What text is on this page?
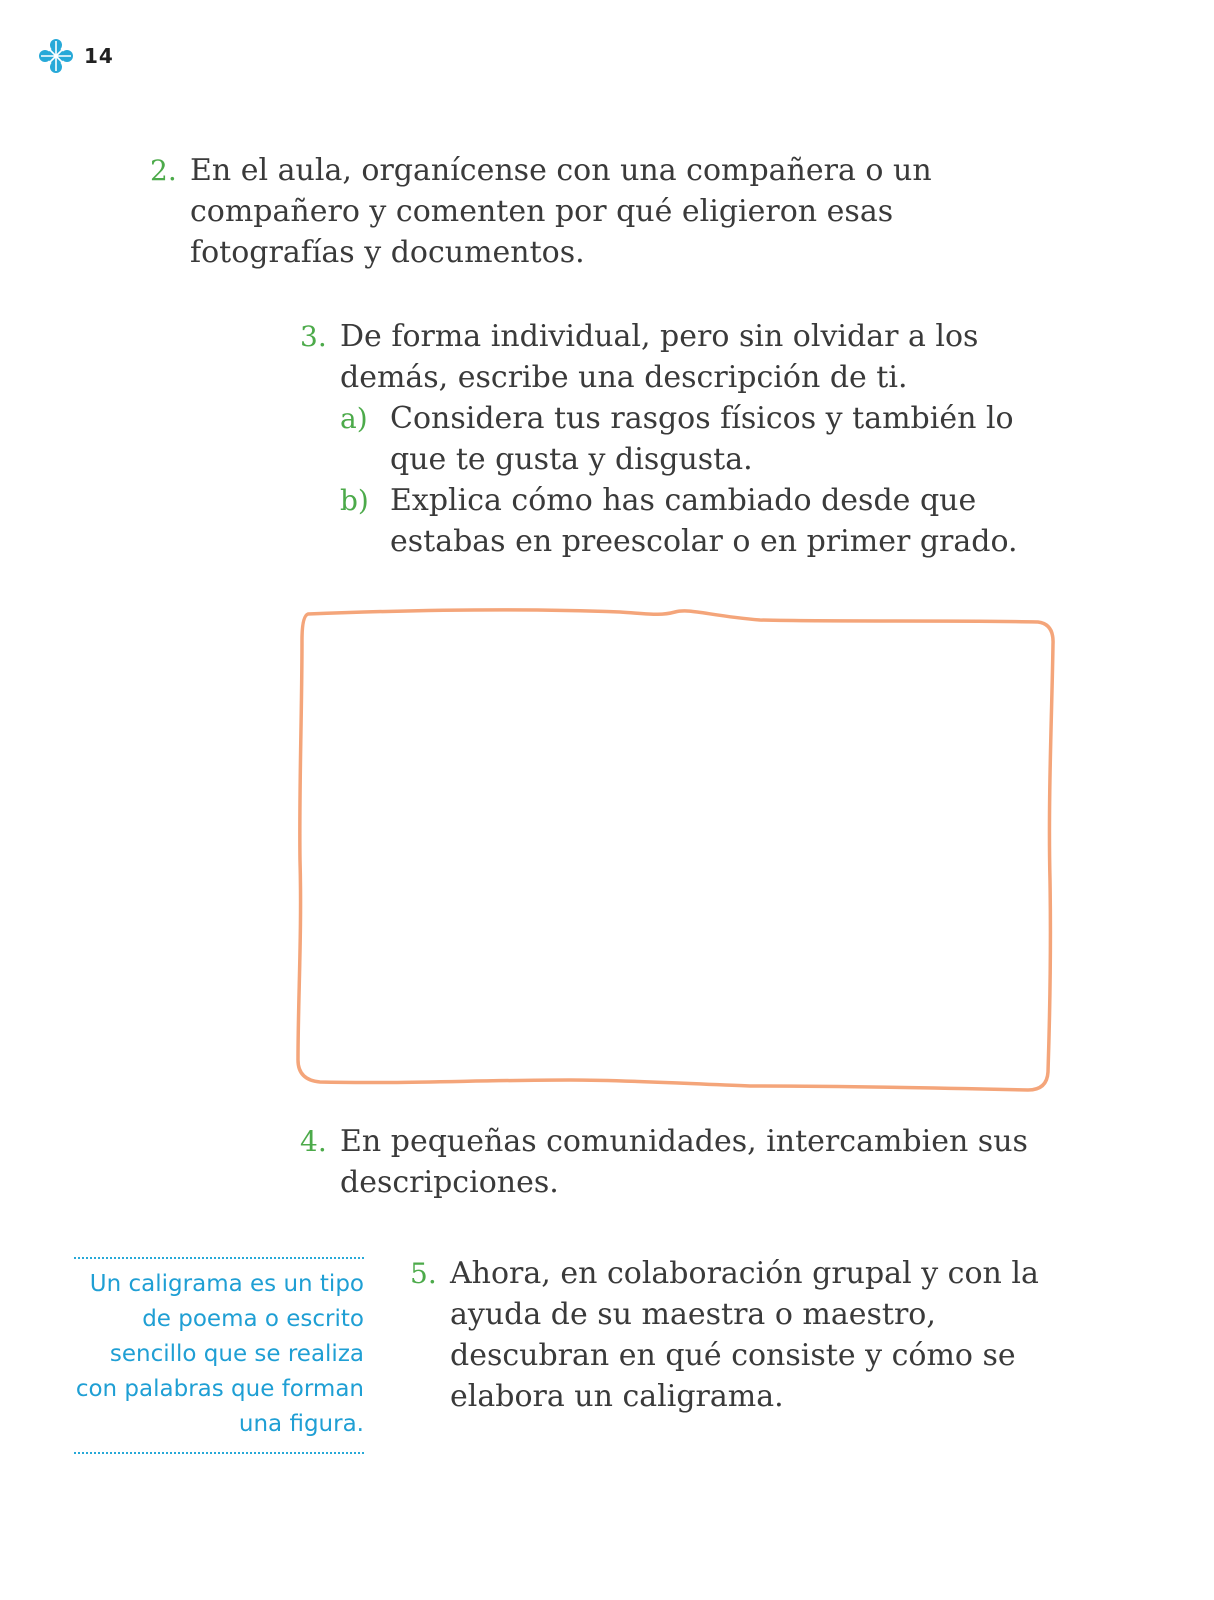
14
2. En el aula, organícense con una compañera o un compañero y comenten por qué eligieron esas fotografías y documentos.

3. De forma individual, pero sin olvidar a los demás, escribe una descripción de ti.

a) Considera tus rasgos físicos y también lo que te gusta y disgusta.

b) Explica cómo has cambiado desde que estabas en preescolar o en primer grado.

4. En pequeñas comunidades, intercambien sus descripciones.

Un caligrama es un tipo de poema o escrito sencillo que se realiza con palabras que forman una figura.
5. Ahora, en colaboración grupal y con la ayuda de su maestra o maestro, descubran en qué consiste y cómo se elabora un caligrama.
